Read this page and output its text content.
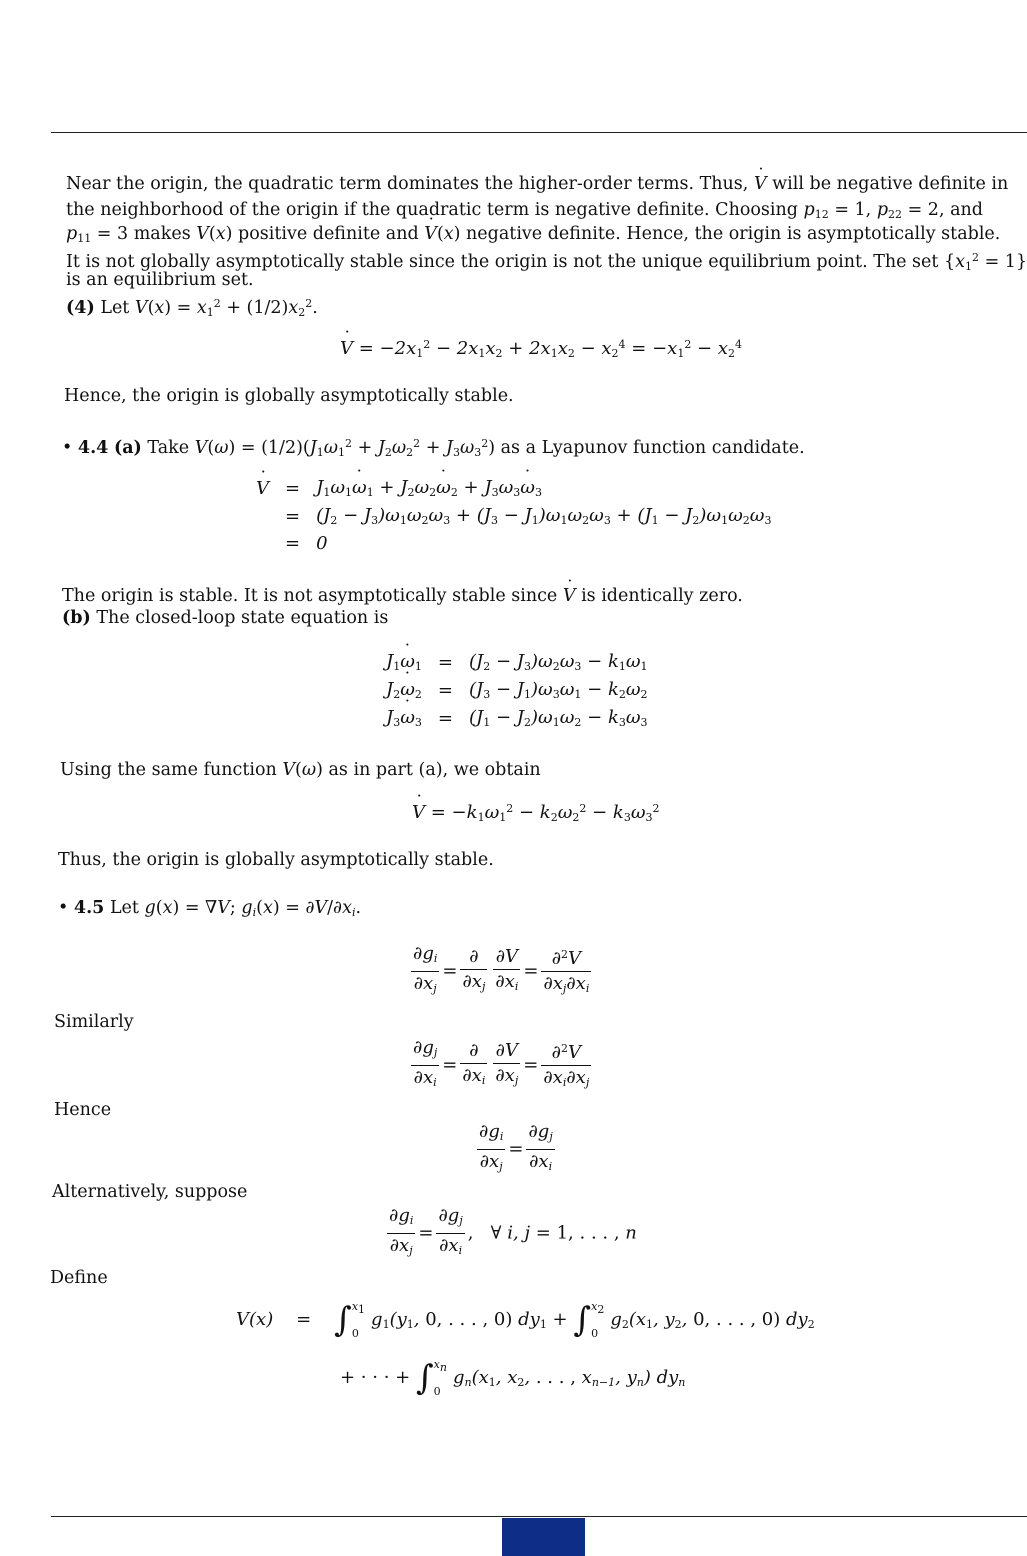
Near the origin, the quadratic term dominates the higher-order terms. Thus, V ˙ will be negative definite in
the neighborhood of the origin if the quadratic term is negative definite. Choosing $p_{12} = 1$, $p_{22} = 2$, and
$p_{11} = 3$ makes V(x) positive definite and V ˙(x) negative definite. Hence, the origin is asymptotically stable.
It is not globally asymptotically stable since the origin is not the unique equilibrium point. The set $\{x_1^2 = 1\}$
is an equilibrium set.
(4) Let $V(x) = x_1^2 + (1/2)x_2^2$.
V ˙ = $-2x_1^2 - 2x_1x_2 + 2x_1x_2 - x_2^4 = -x_1^2 - x_2^4$
Hence, the origin is globally asymptotically stable.
• 4.4 (a) Take $V(\omega) = (1/2)(J_1\omega_1^2 + J_2\omega_2^2 + J_3\omega_3^2)$ as a Lyapunov function candidate.
V ˙	=	$J_1\omega_1\omega$ $˙_1 + J_2\omega_2\omega$ $˙_2 + J_3\omega_3\omega$ $˙_3$
	=	$(J_2 - J_3)\omega_1\omega_2\omega_3 + (J_3 - J_1)\omega_1\omega_2\omega_3 + (J_1 - J_2)\omega_1\omega_2\omega_3$
	=	0
The origin is stable. It is not asymptotically stable since V ˙ is identically zero.
(b) The closed-loop state equation is
$J_1\omega$ $˙_1$	=	$(J_2 - J_3)\omega_2\omega_3 - k_1\omega_1$
$J_2\omega$ $˙_2$	=	$(J_3 - J_1)\omega_3\omega_1 - k_2\omega_2$
$J_3\omega$ $˙_3$	=	$(J_1 - J_2)\omega_1\omega_2 - k_3\omega_3$
Using the same function V(ω) as in part (a), we obtain
V ˙ = $-k_1\omega_1^2 - k_2\omega_2^2 - k_3\omega_3^2$
Thus, the origin is globally asymptotically stable.
• 4.5 Let g(x) = ∇V; $g_i(x) = \partial V/\partial x_i$.
$\frac{\partial g_i}{\partial x_j} = \frac{\partial}{\partial x_j} \frac{\partial V}{\partial x_i} = \frac{\partial^2V}{\partial x_j\partial x_i}$
Similarly
$\frac{\partial g_j}{\partial x_i} = \frac{\partial}{\partial x_i} \frac{\partial V}{\partial x_j} = \frac{\partial^2V}{\partial x_i\partial x_j}$
Hence
$\frac{\partial g_i}{\partial x_j} = \frac{\partial g_j}{\partial x_i}$
Alternatively, suppose
$\frac{\partial g_i}{\partial x_j} = \frac{\partial g_j}{\partial x_i}$ , ∀ i, j = 1, . . . , n
Define
V(x)    = $\int x_1$

$0g_1(y_1$, 0, . . . , 0) $dy_1 + \int x_2$

$0g_2(x_1$, $y_2$, 0, . . . , 0) $dy_2$
+ · · · + $\int x_n$

$0g_n(x_1$, $x_2$, . . . , $x_{n-1}$, $y_n$) $dy_n$
